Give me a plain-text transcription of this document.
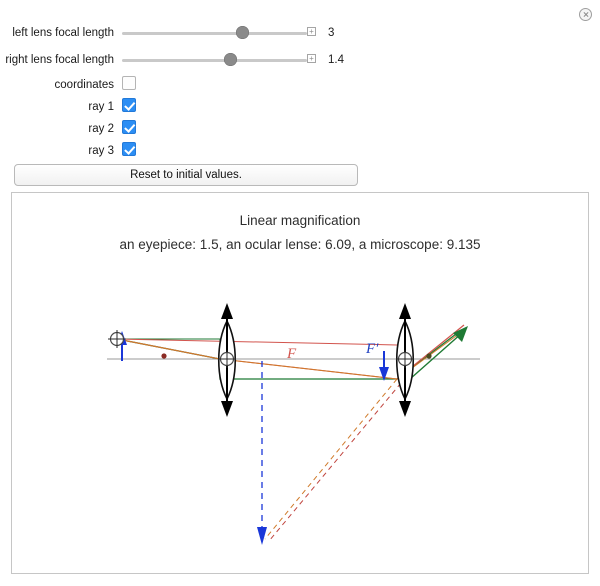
left lens focal length	+ 3
right lens focal length	+ 1.4
coordinates
ray 1
ray 2
ray 3
Reset to initial values.
Linear magnification
an eyepiece: 1.5, an ocular lense: 6.09, a microscope: 9.135
F	F′
